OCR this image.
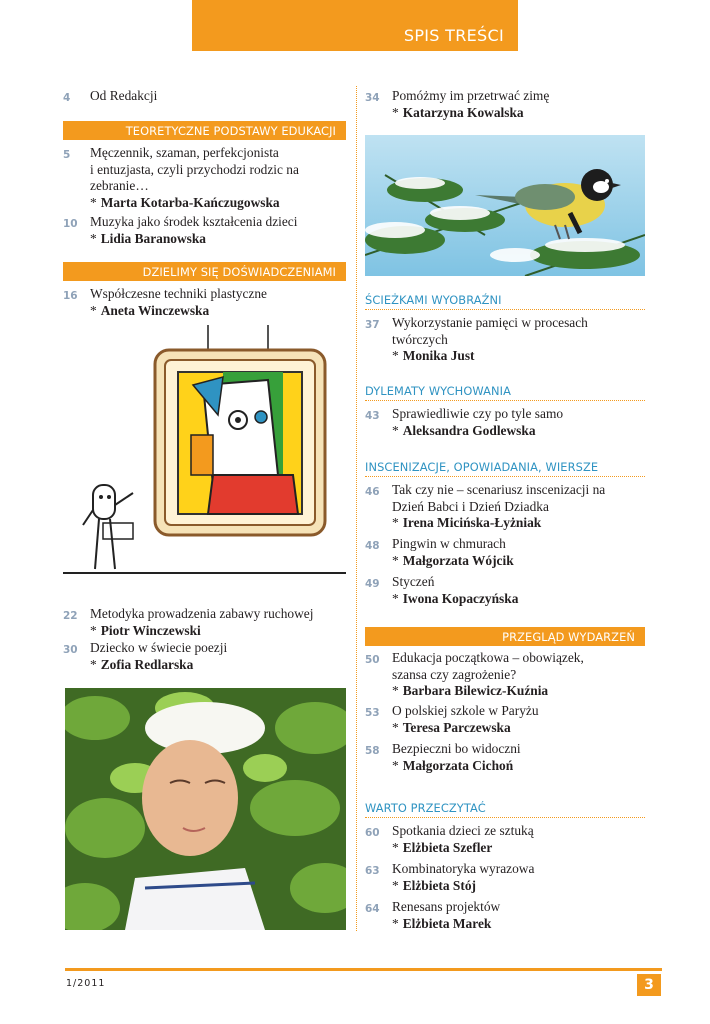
SPIS TREŚCI
4	Od Redakcji
TEORETYCZNE PODSTAWY EDUKACJI
5	Męczennik, szaman, perfekcjonista
i entuzjasta, czyli przychodzi rodzic na
zebranie…
* Marta Kotarba-Kańczugowska
10 Muzyka jako środek kształcenia dzieci
* Lidia Baranowska
DZIELIMY SIĘ DOŚWIADCZENIAMI
16 Współczesne techniki plastyczne
* Aneta Winczewska
22 Metodyka prowadzenia zabawy ruchowej
* Piotr Winczewski
30 Dziecko w świecie poezji
* Zofia Redlarska
34 Pomóżmy im przetrwać zimę
* Katarzyna Kowalska
ŚCIEŻKAMI WYOBRAŹNI
37 Wykorzystanie pamięci w procesach
twórczych
* Monika Just
DYLEMATY WYCHOWANIA
43 Sprawiedliwie czy po tyle samo
* Aleksandra Godlewska
INSCENIZACJE, OPOWIADANIA, WIERSZE
46 Tak czy nie – scenariusz inscenizacji na
Dzień Babci i Dzień Dziadka
* Irena Micińska-Łyżniak
48 Pingwin w chmurach
* Małgorzata Wójcik
49 Styczeń
* Iwona Kopaczyńska
PRZEGLĄD WYDARZEŃ
50 Edukacja początkowa – obowiązek,
szansa czy zagrożenie?
* Barbara Bilewicz-Kuźnia
53 O polskiej szkole w Paryżu
* Teresa Parczewska
58 Bezpieczni bo widoczni
* Małgorzata Cichoń
WARTO PRZECZYTAĆ
60 Spotkania dzieci ze sztuką
* Elżbieta Szefler
63 Kombinatoryka wyrazowa
* Elżbieta Stój
64 Renesans projektów
* Elżbieta Marek
1/2011	3
